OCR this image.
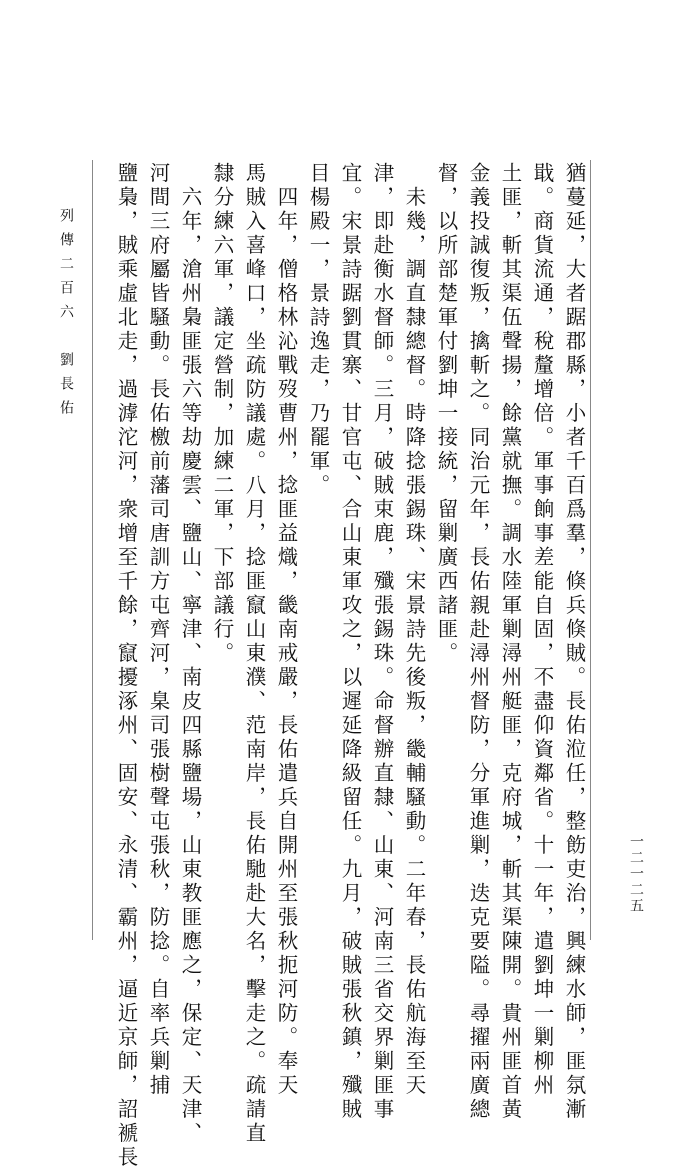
列傳二百六　劉長佑
一二一二五

猶蔓延，大者踞郡縣，小者千百爲羣，倏兵倏賊。長佑涖任，整飭吏治，興練水師，匪氛漸

戢。商貨流通，稅釐增倍。軍事餉事差能自固，不盡仰資鄰省。十一年，遣劉坤一剿柳州

土匪，斬其渠伍聲揚，餘黨就撫。調水陸軍剿潯州艇匪，克府城，斬其渠陳開。貴州匪首黃

金義投誠復叛，擒斬之。同治元年，長佑親赴潯州督防，分軍進剿，迭克要隘。尋擢兩廣總

督，以所部楚軍付劉坤一接統，留剿廣西諸匪。

　未幾，調直隸總督。時降捻張錫珠、宋景詩先後叛，畿輔騷動。二年春，長佑航海至天

津，即赴衡水督師。三月，破賊束鹿，殲張錫珠。命督辦直隸、山東、河南三省交界剿匪事

宜。宋景詩踞劉貫寨、甘官屯、合山東軍攻之，以遲延降級留任。九月，破賊張秋鎮，殲賊

目楊殿一，景詩逸走，乃罷軍。

　四年，僧格林沁戰歿曹州，捻匪益熾，畿南戒嚴，長佑遣兵自開州至張秋扼河防。奉天

馬賊入喜峰口，坐疏防議處。八月，捻匪竄山東濮、范南岸，長佑馳赴大名，擊走之。疏請直

隸分練六軍，議定營制，加練二軍，下部議行。

　六年，滄州梟匪張六等劫慶雲、鹽山、寧津、南皮四縣鹽場，山東教匪應之，保定、天津、

河間三府屬皆騷動。長佑檄前藩司唐訓方屯齊河，臬司張樹聲屯張秋，防捻。自率兵剿捕

鹽梟，賊乘虛北走，過滹沱河，衆增至千餘，竄擾涿州、固安、永清、霸州，逼近京師，詔褫長
